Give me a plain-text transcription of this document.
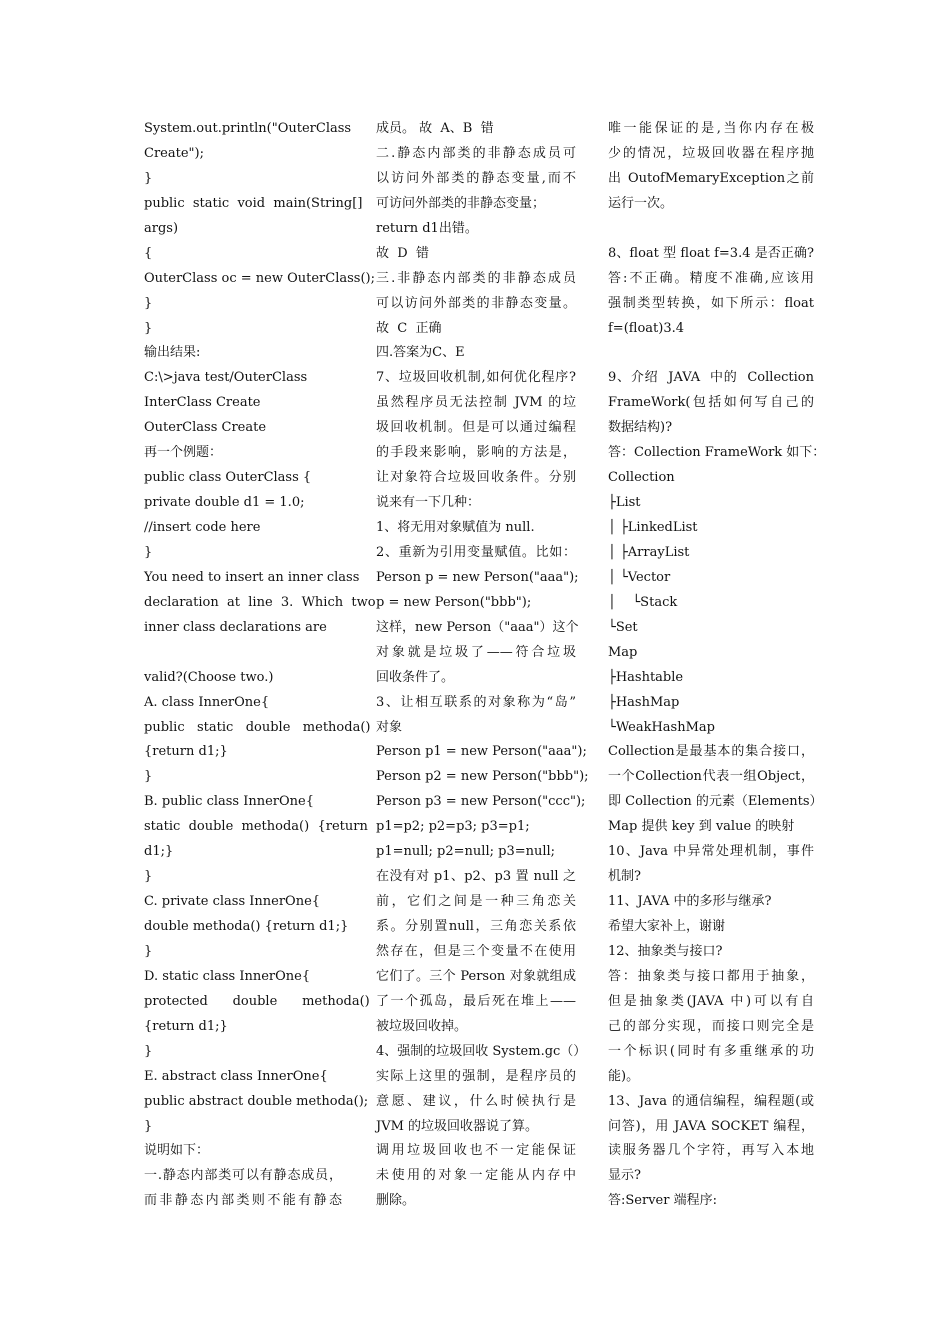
System.out.println("OuterClass
Create");
}
public  static  void  main(String[]
args)
{
OuterClass oc = new OuterClass();
}
}
输出结果:
C:\>java test/OuterClass
InterClass Create
OuterClass Create
再一个例题：
public class OuterClass {
private double d1 = 1.0;
//insert code here
}
You need to insert an inner class
declaration  at  line  3.  Which  two
inner class declarations are
valid?(Choose two.)
A. class InnerOne{
public   static   double   methoda()
{return d1;}
}
B. public class InnerOne{
static  double  methoda()  {return
d1;}
}
C. private class InnerOne{
double methoda() {return d1;}
}
D. static class InnerOne{
protected      double      methoda()
{return d1;}
}
E. abstract class InnerOne{
public abstract double methoda();
}
说明如下：
一.静态内部类可以有静态成员，
而非静态内部类则不能有静态
成员。 故  A、B  错
二.静态内部类的非静态成员可
以访问外部类的静态变量,而不
可访问外部类的非静态变量；
return d1出错。
故  D  错
三.非静态内部类的非静态成员
可以访问外部类的非静态变量。
故  C  正确
四.答案为C、E
7、垃圾回收机制,如何优化程序?
虽然程序员无法控制 JVM 的垃
圾回收机制。但是可以通过编程
的手段来影响，影响的方法是，
让对象符合垃圾回收条件。分别
说来有一下几种：
1、将无用对象赋值为 null.
2、重新为引用变量赋值。比如：
Person p = new Person("aaa");
p = new Person("bbb");
这样，new Person（"aaa"）这个
对象就是垃圾了——符合垃圾
回收条件了。
3、让相互联系的对象称为“岛”
对象
Person p1 = new Person("aaa");
Person p2 = new Person("bbb");
Person p3 = new Person("ccc");
p1=p2; p2=p3; p3=p1;
p1=null; p2=null; p3=null;
在没有对 p1、p2、p3 置 null 之
前，它们之间是一种三角恋关
系。分别置null，三角恋关系依
然存在，但是三个变量不在使用
它们了。三个 Person 对象就组成
了一个孤岛，最后死在堆上——
被垃圾回收掉。
4、强制的垃圾回收 System.gc（）
实际上这里的强制，是程序员的
意愿、建议，什么时候执行是
JVM 的垃圾回收器说了算。
调用垃圾回收也不一定能保证
未使用的对象一定能从内存中
删除。
唯一能保证的是,当你内存在极
少的情况，垃圾回收器在程序抛
出 OutofMemaryException之前
运行一次。
8、float 型 float f=3.4 是否正确?
答:不正确。精度不准确,应该用
强制类型转换，如下所示：float
f=(float)3.4
9、介绍  JAVA  中的  Collection
FrameWork(包括如何写自己的
数据结构)?
答：Collection FrameWork 如下：
Collection
├List
│ ├LinkedList
│ ├ArrayList
│ └Vector
│    └Stack
└Set
Map
├Hashtable
├HashMap
└WeakHashMap
Collection是最基本的集合接口，
一个Collection代表一组Object，
即 Collection 的元素（Elements）
Map 提供 key 到 value 的映射
10、Java 中异常处理机制，事件
机制?
11、JAVA 中的多形与继承?
希望大家补上，谢谢
12、抽象类与接口?
答：抽象类与接口都用于抽象，
但是抽象类(JAVA 中)可以有自
己的部分实现，而接口则完全是
一个标识(同时有多重继承的功
能)。
13、Java 的通信编程，编程题(或
问答)，用 JAVA SOCKET 编程，
读服务器几个字符，再写入本地
显示?
答:Server 端程序:
